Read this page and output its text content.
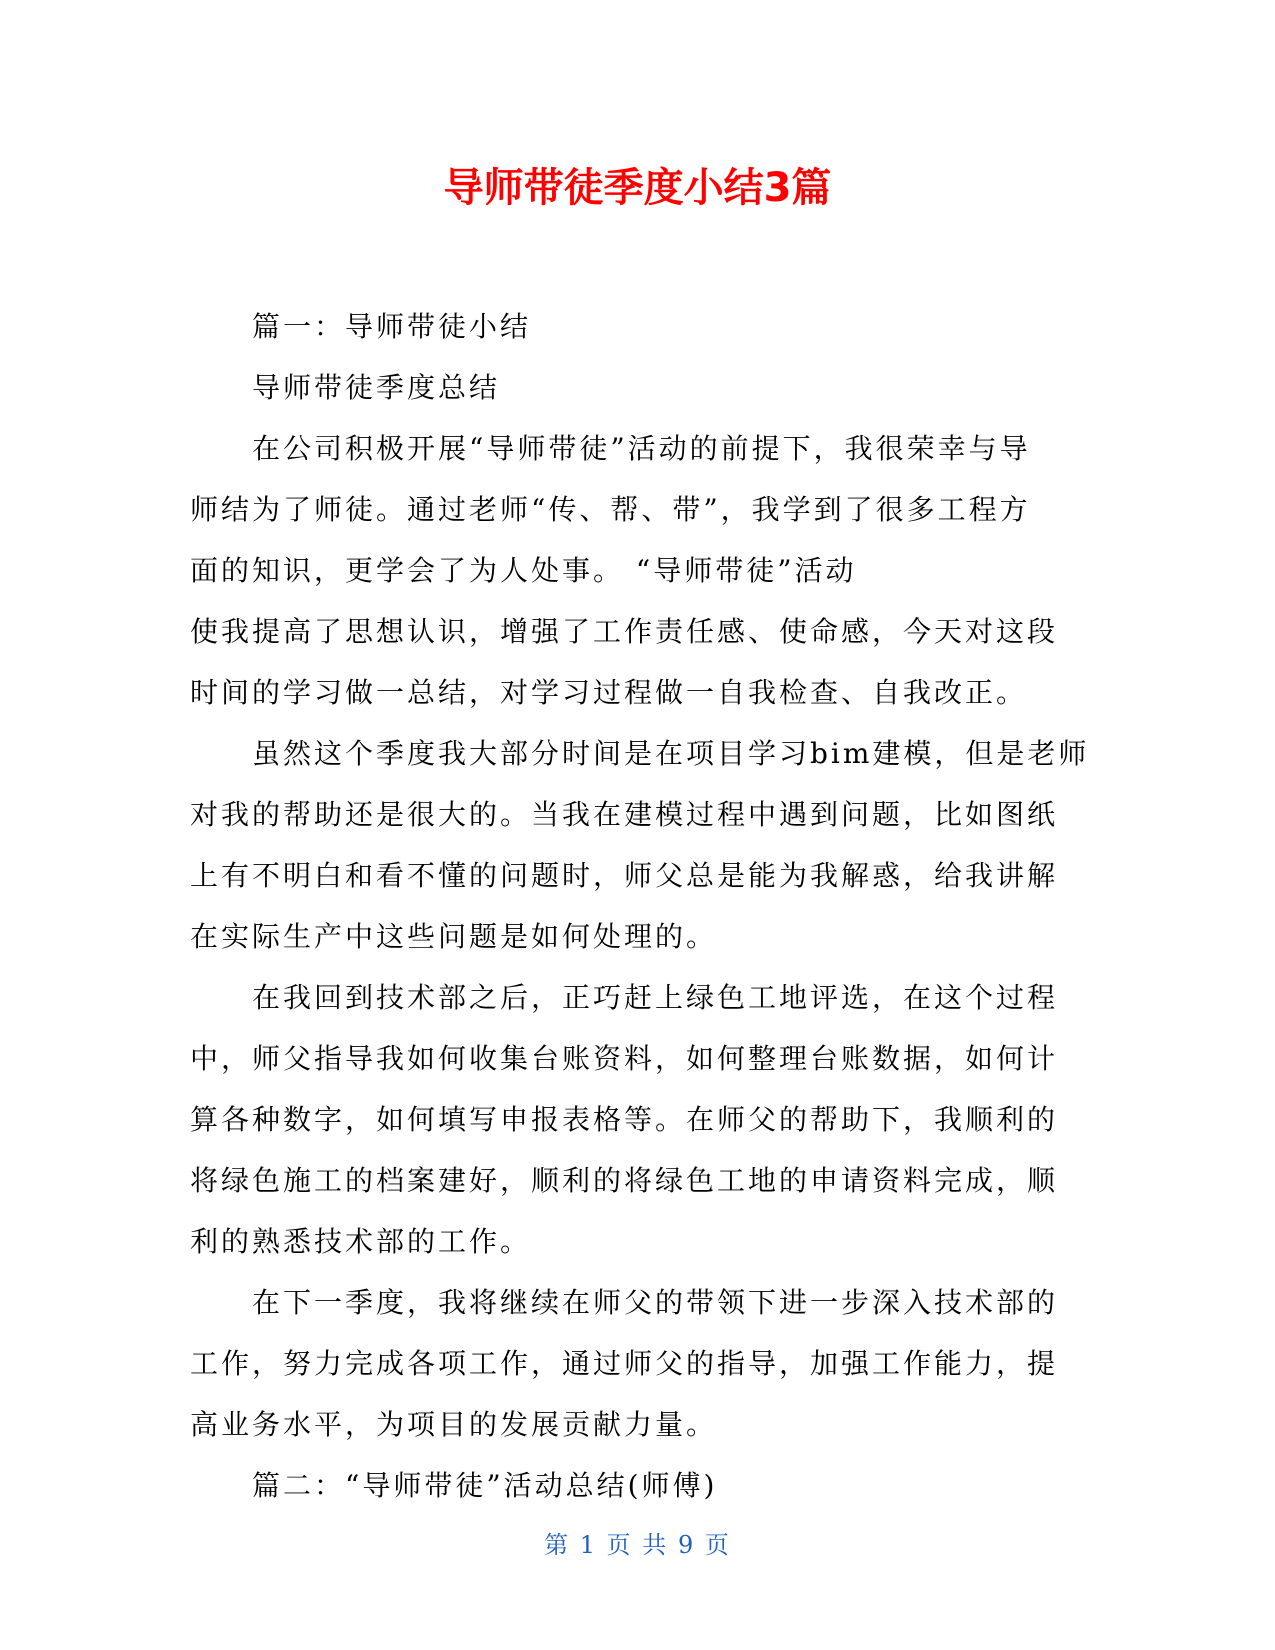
导师带徒季度小结3篇
篇一：导师带徒小结
导师带徒季度总结
在公司积极开展“导师带徒”活动的前提下，我很荣幸与导
师结为了师徒。通过老师“传、帮、带”，我学到了很多工程方
面的知识，更学会了为人处事。 “导师带徒”活动
使我提高了思想认识，增强了工作责任感、使命感，今天对这段
时间的学习做一总结，对学习过程做一自我检查、自我改正。
虽然这个季度我大部分时间是在项目学习bim建模，但是老师
对我的帮助还是很大的。当我在建模过程中遇到问题，比如图纸
上有不明白和看不懂的问题时，师父总是能为我解惑，给我讲解
在实际生产中这些问题是如何处理的。
在我回到技术部之后，正巧赶上绿色工地评选，在这个过程
中，师父指导我如何收集台账资料，如何整理台账数据，如何计
算各种数字，如何填写申报表格等。在师父的帮助下，我顺利的
将绿色施工的档案建好，顺利的将绿色工地的申请资料完成，顺
利的熟悉技术部的工作。
在下一季度，我将继续在师父的带领下进一步深入技术部的
工作，努力完成各项工作，通过师父的指导，加强工作能力，提
高业务水平，为项目的发展贡献力量。
篇二：“导师带徒”活动总结(师傅)
第 1 页 共 9 页
